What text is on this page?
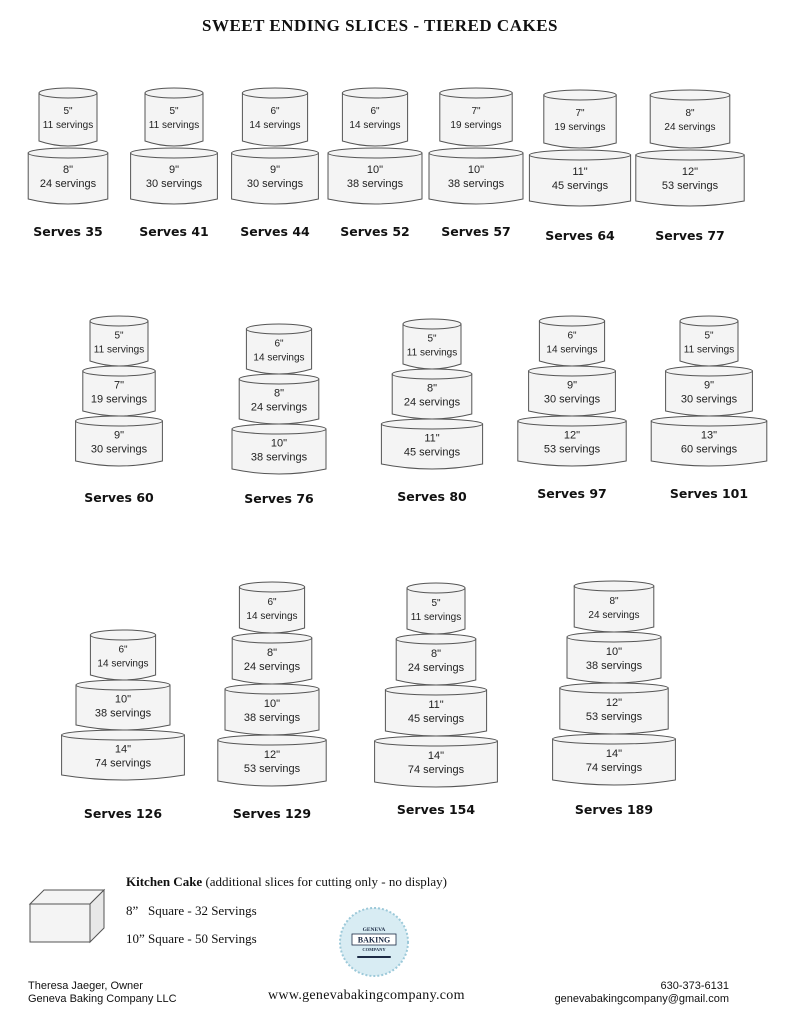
SWEET ENDING SLICES - TIERED CAKES
8"
24 servings
5"
11 servings
9"
30 servings
5"
11 servings
9"
30 servings
6"
14 servings
10"
38 servings
6"
14 servings
10"
38 servings
7"
19 servings
11"
45 servings
7"
19 servings
12"
53 servings
8"
24 servings
9"
30 servings
7"
19 servings
5"
11 servings
10"
38 servings
8"
24 servings
6"
14 servings
11"
45 servings
8"
24 servings
5"
11 servings
12"
53 servings
9"
30 servings
6"
14 servings
13"
60 servings
9"
30 servings
5"
11 servings
14"
74 servings
10"
38 servings
6"
14 servings
12"
53 servings
10"
38 servings
8"
24 servings
6"
14 servings
14"
74 servings
11"
45 servings
8"
24 servings
5"
11 servings
14"
74 servings
12"
53 servings
10"
38 servings
8"
24 servings
Serves 35	Serves 41	Serves 44	Serves 52	Serves 57	Serves 64	Serves 77
Serves 60	Serves 76	Serves 80	Serves 97	Serves 101
Serves 126	Serves 129	Serves 154	Serves 189
Kitchen Cake (additional slices for cutting only - no display)
8”   Square - 32 Servings
10” Square - 50 Servings
GENEVA
BAKING
COMPANY
Theresa Jaeger, Owner
Geneva Baking Company LLC	www.genevabakingcompany.com
630-373-6131
genevabakingcompany@gmail.com
